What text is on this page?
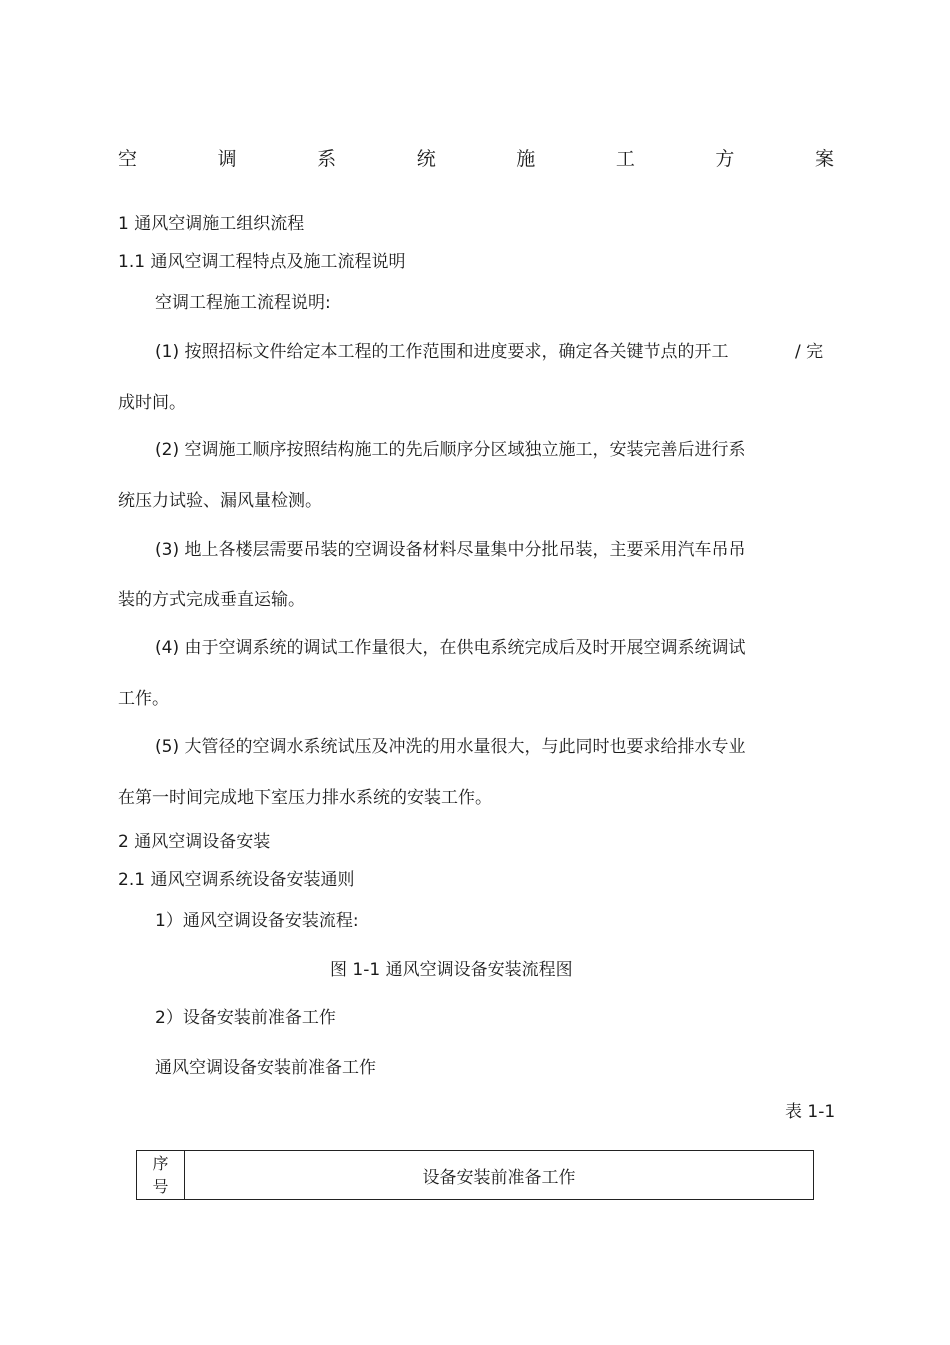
空	调	系	统	施	工	方	案
1 通风空调施工组织流程
1.1 通风空调工程特点及施工流程说明
空调工程施工流程说明:
(1) 按照招标文件给定本工程的工作范围和进度要求，确定各关键节点的开工	/ 完
成时间。
(2) 空调施工顺序按照结构施工的先后顺序分区域独立施工，安装完善后进行系
统压力试验、漏风量检测。
(3) 地上各楼层需要吊装的空调设备材料尽量集中分批吊装，主要采用汽车吊吊
装的方式完成垂直运输。
(4) 由于空调系统的调试工作量很大，在供电系统完成后及时开展空调系统调试
工作。
(5) 大管径的空调水系统试压及冲洗的用水量很大，与此同时也要求给排水专业
在第一时间完成地下室压力排水系统的安装工作。
2 通风空调设备安装
2.1 通风空调系统设备安装通则
1）通风空调设备安装流程:
图 1-1 通风空调设备安装流程图
2）设备安装前准备工作
通风空调设备安装前准备工作
表 1-1
序
号	设备安装前准备工作
